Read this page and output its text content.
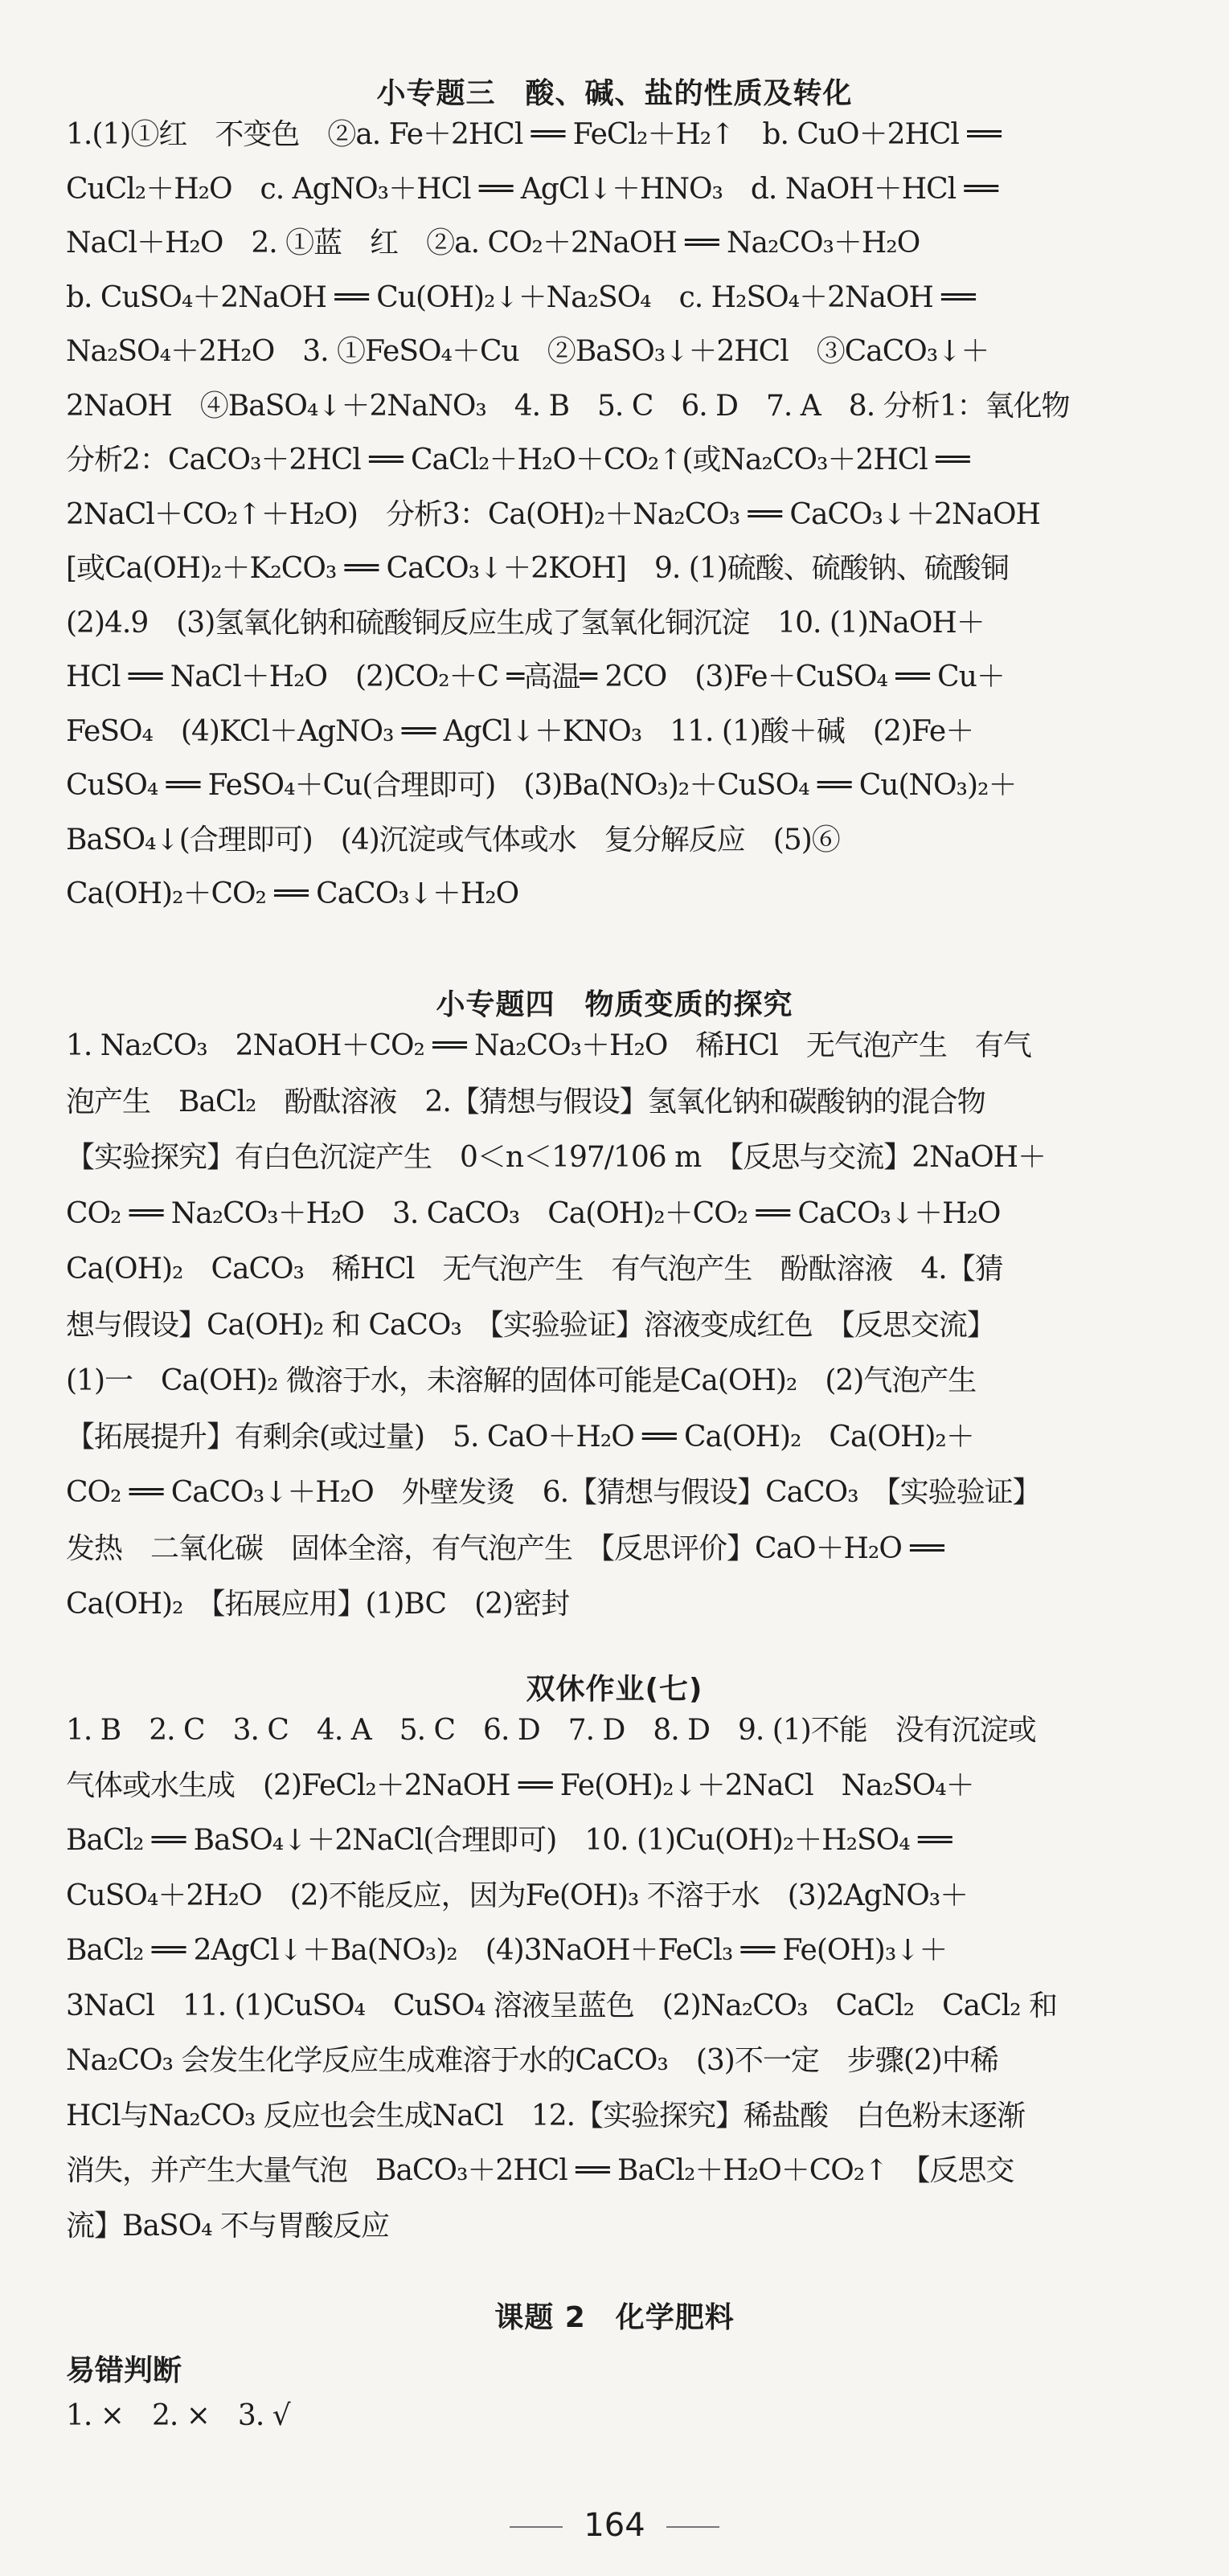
小专题三　酸、碱、盐的性质及转化
1.(1)①红　不变色　②a. Fe＋2HCl ══ FeCl₂＋H₂↑　b. CuO＋2HCl ══
CuCl₂＋H₂O　c. AgNO₃＋HCl ══ AgCl↓＋HNO₃　d. NaOH＋HCl ══
NaCl＋H₂O　2. ①蓝　红　②a. CO₂＋2NaOH ══ Na₂CO₃＋H₂O
b. CuSO₄＋2NaOH ══ Cu(OH)₂↓＋Na₂SO₄　c. H₂SO₄＋2NaOH ══
Na₂SO₄＋2H₂O　3. ①FeSO₄＋Cu　②BaSO₃↓＋2HCl　③CaCO₃↓＋
2NaOH　④BaSO₄↓＋2NaNO₃　4. B　5. C　6. D　7. A　8. 分析1：氧化物
分析2：CaCO₃＋2HCl ══ CaCl₂＋H₂O＋CO₂↑(或Na₂CO₃＋2HCl ══
2NaCl＋CO₂↑＋H₂O)　分析3：Ca(OH)₂＋Na₂CO₃ ══ CaCO₃↓＋2NaOH
[或Ca(OH)₂＋K₂CO₃ ══ CaCO₃↓＋2KOH]　9. (1)硫酸、硫酸钠、硫酸铜
(2)4.9　(3)氢氧化钠和硫酸铜反应生成了氢氧化铜沉淀　10. (1)NaOH＋
HCl ══ NaCl＋H₂O　(2)CO₂＋C ═高温═ 2CO　(3)Fe＋CuSO₄ ══ Cu＋
FeSO₄　(4)KCl＋AgNO₃ ══ AgCl↓＋KNO₃　11. (1)酸＋碱　(2)Fe＋
CuSO₄ ══ FeSO₄＋Cu(合理即可)　(3)Ba(NO₃)₂＋CuSO₄ ══ Cu(NO₃)₂＋
BaSO₄↓(合理即可)　(4)沉淀或气体或水　复分解反应　(5)⑥
Ca(OH)₂＋CO₂ ══ CaCO₃↓＋H₂O
小专题四　物质变质的探究
1. Na₂CO₃　2NaOH＋CO₂ ══ Na₂CO₃＋H₂O　稀HCl　无气泡产生　有气
泡产生　BaCl₂　酚酞溶液　2.【猜想与假设】氢氧化钠和碳酸钠的混合物
【实验探究】有白色沉淀产生　0＜n＜197/106 m　【反思与交流】2NaOH＋
CO₂ ══ Na₂CO₃＋H₂O　3. CaCO₃　Ca(OH)₂＋CO₂ ══ CaCO₃↓＋H₂O
Ca(OH)₂　CaCO₃　稀HCl　无气泡产生　有气泡产生　酚酞溶液　4.【猜
想与假设】Ca(OH)₂ 和 CaCO₃　【实验验证】溶液变成红色　【反思交流】
(1)一　Ca(OH)₂ 微溶于水，未溶解的固体可能是Ca(OH)₂　(2)气泡产生
【拓展提升】有剩余(或过量)　5. CaO＋H₂O ══ Ca(OH)₂　Ca(OH)₂＋
CO₂ ══ CaCO₃↓＋H₂O　外壁发烫　6.【猜想与假设】CaCO₃　【实验验证】
发热　二氧化碳　固体全溶，有气泡产生　【反思评价】CaO＋H₂O ══
Ca(OH)₂　【拓展应用】(1)BC　(2)密封
双休作业(七)
1. B　2. C　3. C　4. A　5. C　6. D　7. D　8. D　9. (1)不能　没有沉淀或
气体或水生成　(2)FeCl₂＋2NaOH ══ Fe(OH)₂↓＋2NaCl　Na₂SO₄＋
BaCl₂ ══ BaSO₄↓＋2NaCl(合理即可)　10. (1)Cu(OH)₂＋H₂SO₄ ══
CuSO₄＋2H₂O　(2)不能反应，因为Fe(OH)₃ 不溶于水　(3)2AgNO₃＋
BaCl₂ ══ 2AgCl↓＋Ba(NO₃)₂　(4)3NaOH＋FeCl₃ ══ Fe(OH)₃↓＋
3NaCl　11. (1)CuSO₄　CuSO₄ 溶液呈蓝色　(2)Na₂CO₃　CaCl₂　CaCl₂ 和
Na₂CO₃ 会发生化学反应生成难溶于水的CaCO₃　(3)不一定　步骤(2)中稀
HCl与Na₂CO₃ 反应也会生成NaCl　12.【实验探究】稀盐酸　白色粉末逐渐
消失，并产生大量气泡　BaCO₃＋2HCl ══ BaCl₂＋H₂O＋CO₂↑　【反思交
流】BaSO₄ 不与胃酸反应
课题 2　化学肥料
易错判断
1. ×　2. ×　3. √
164
